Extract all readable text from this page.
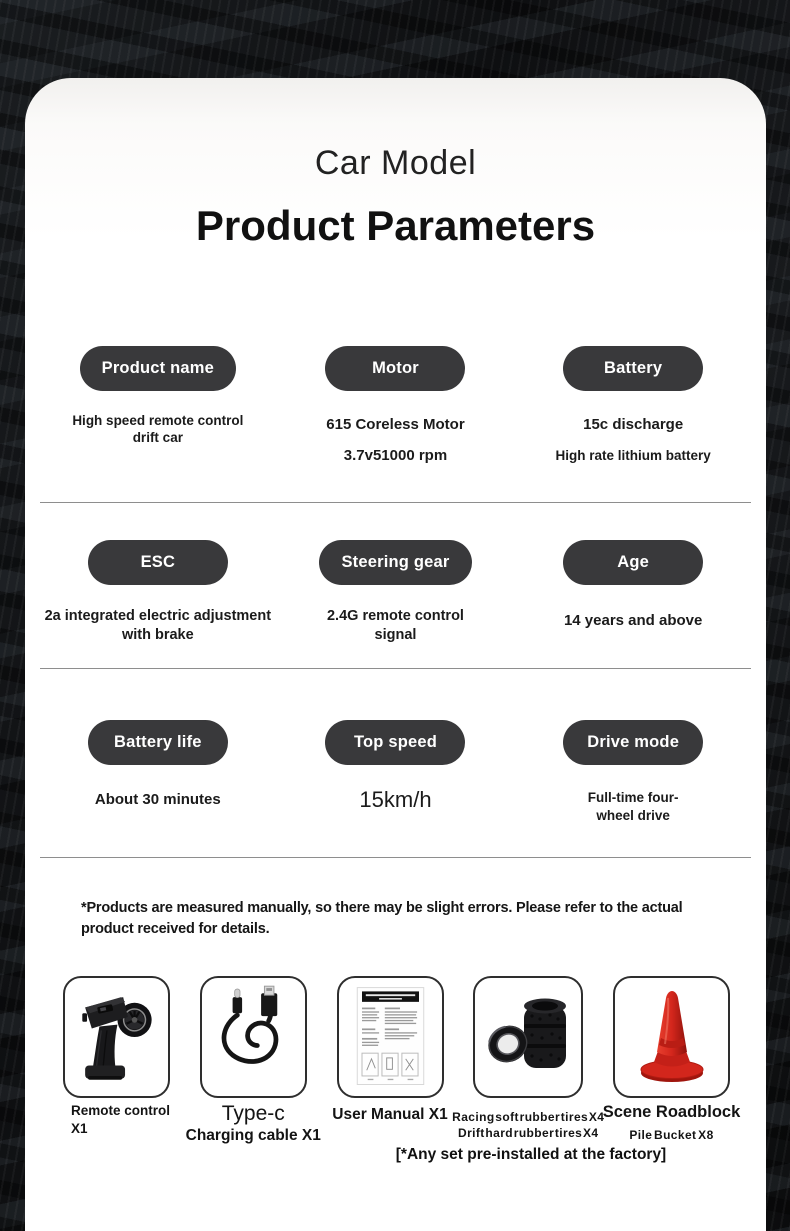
Car Model
Product Parameters
Product name

High speed remote control

drift car

Motor

615 Coreless Motor

3.7v51000 rpm

Battery

15c discharge

High rate lithium battery

ESC

2a integrated electric adjustment

with brake

Steering gear

2.4G remote control

signal

Age

14 years and above

Battery life

About 30 minutes

Top speed

15km/h

Drive mode

Full-time four-

wheel drive

*Products are measured manually, so there may be slight errors. Please refer to the actual

product received for details.

Remote control

X1

Type-c

Charging cable X1

User Manual X1 Racing soft rubber tires X4

Drift hard rubber tires X4

Scene Roadblock

Pile Bucket X8

[*Any set pre-installed at the factory]
